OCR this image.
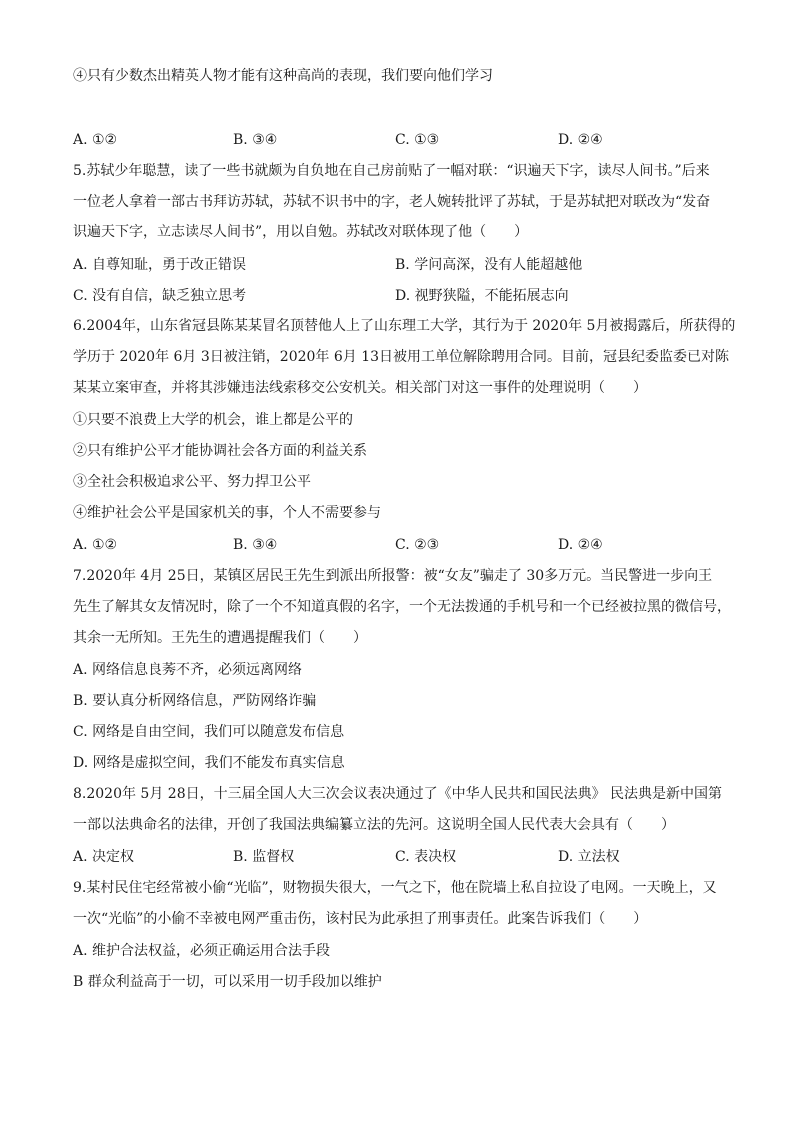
④只有少数杰出精英人物才能有这种高尚的表现，我们要向他们学习
A. ①②	B. ③④	C. ①③	D. ②④
5.苏轼少年聪慧，读了一些书就颇为自负地在自己房前贴了一幅对联：“识遍天下字，读尽人间书。”后来
一位老人拿着一部古书拜访苏轼，苏轼不识书中的字，老人婉转批评了苏轼，于是苏轼把对联改为“发奋
识遍天下字，立志读尽人间书”，用以自勉。苏轼改对联体现了他（　　）
A. 自尊知耻，勇于改正错误	B. 学问高深，没有人能超越他
C. 没有自信，缺乏独立思考	D. 视野狭隘，不能拓展志向
6.2004年，山东省冠县陈某某冒名顶替他人上了山东理工大学，其行为于 2020年 5月被揭露后，所获得的
学历于 2020年 6月 3日被注销，2020年 6月 13日被用工单位解除聘用合同。目前，冠县纪委监委已对陈
某某立案审查，并将其涉嫌违法线索移交公安机关。相关部门对这一事件的处理说明（　　）
①只要不浪费上大学的机会，谁上都是公平的
②只有维护公平才能协调社会各方面的利益关系
③全社会积极追求公平、努力捍卫公平
④维护社会公平是国家机关的事，个人不需要参与
A. ①②	B. ③④	C. ②③	D. ②④
7.2020年 4月 25日，某镇区居民王先生到派出所报警：被“女友”骗走了 30多万元。当民警进一步向王
先生了解其女友情况时，除了一个不知道真假的名字，一个无法拨通的手机号和一个已经被拉黑的微信号，
其余一无所知。王先生的遭遇提醒我们（　　）
A. 网络信息良莠不齐，必须远离网络
B. 要认真分析网络信息，严防网络诈骗
C. 网络是自由空间，我们可以随意发布信息
D. 网络是虚拟空间，我们不能发布真实信息
8.2020年 5月 28日，十三届全国人大三次会议表决通过了《中华人民共和国民法典》 民法典是新中国第
一部以法典命名的法律，开创了我国法典编纂立法的先河。这说明全国人民代表大会具有（　　）
A. 决定权	B. 监督权	C. 表决权	D. 立法权
9.某村民住宅经常被小偷“光临”，财物损失很大，一气之下，他在院墙上私自拉设了电网。一天晚上，又
一次“光临”的小偷不幸被电网严重击伤，该村民为此承担了刑事责任。此案告诉我们（　　）
A. 维护合法权益，必须正确运用合法手段
B 群众利益高于一切，可以采用一切手段加以维护
